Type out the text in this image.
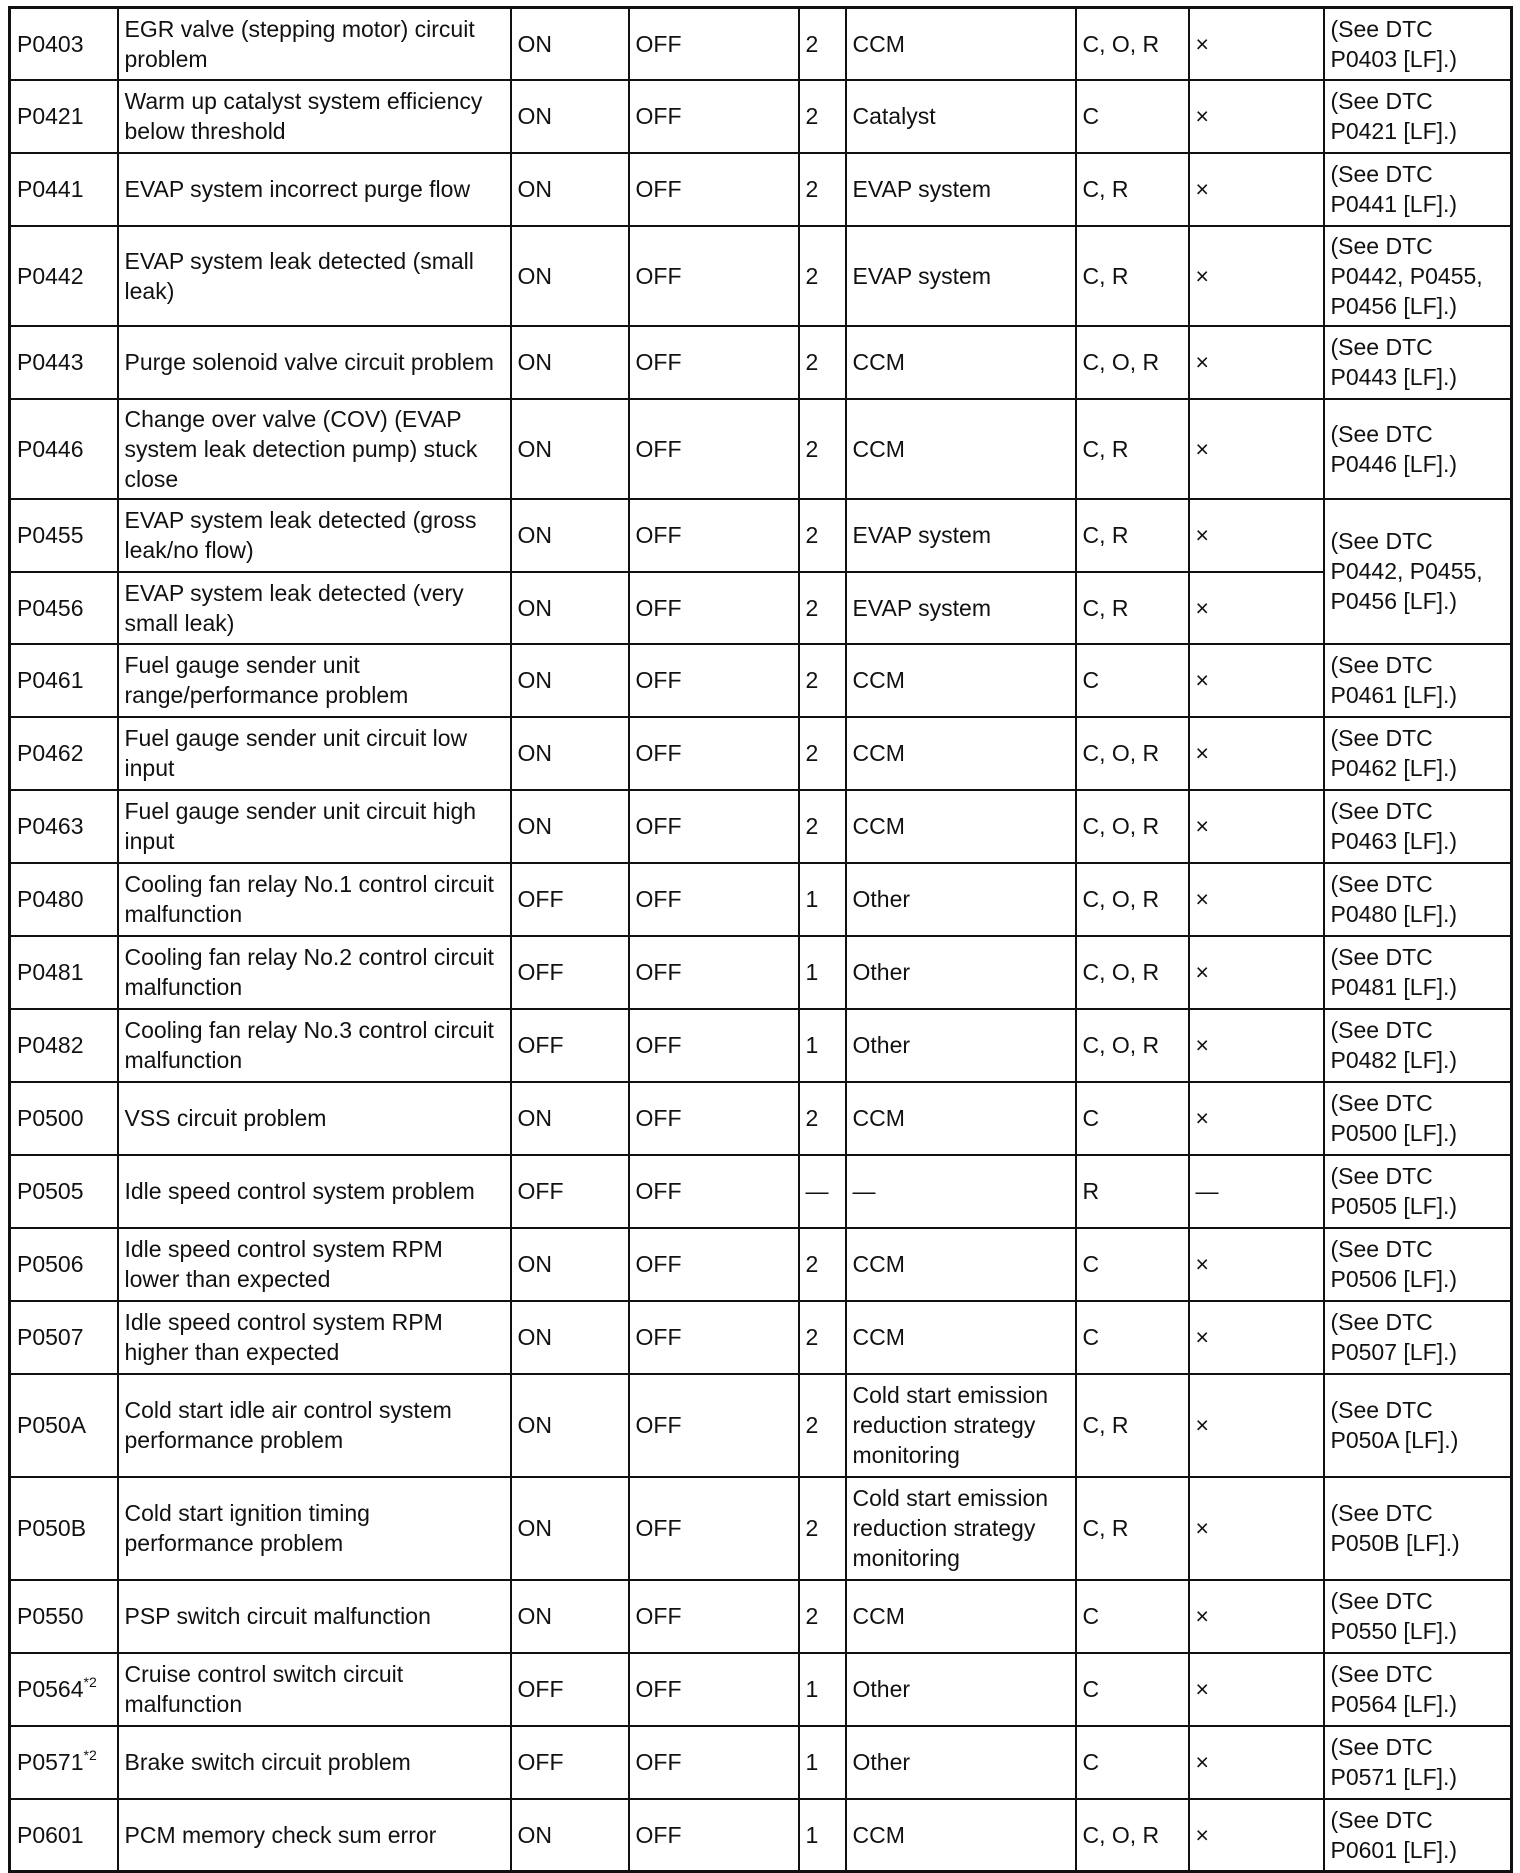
P0403	EGR valve (stepping motor) circuit problem	ON	OFF	2	CCM	C, O, R	×	(See DTC P0403 [LF].)
P0421	Warm up catalyst system efficiency below threshold	ON	OFF	2	Catalyst	C	×	(See DTC P0421 [LF].)
P0441	EVAP system incorrect purge flow	ON	OFF	2	EVAP system	C, R	×	(See DTC P0441 [LF].)
P0442	EVAP system leak detected (small leak)	ON	OFF	2	EVAP system	C, R	×	(See DTC P0442, P0455, P0456 [LF].)
P0443	Purge solenoid valve circuit problem	ON	OFF	2	CCM	C, O, R	×	(See DTC P0443 [LF].)
P0446	Change over valve (COV) (EVAP system leak detection pump) stuck close	ON	OFF	2	CCM	C, R	×	(See DTC P0446 [LF].)
P0455	EVAP system leak detected (gross leak/no flow)	ON	OFF	2	EVAP system	C, R	×	(See DTC P0442, P0455, P0456 [LF].)
P0456	EVAP system leak detected (very small leak)	ON	OFF	2	EVAP system	C, R	×	
P0461	Fuel gauge sender unit range/performance problem	ON	OFF	2	CCM	C	×	(See DTC P0461 [LF].)
P0462	Fuel gauge sender unit circuit low input	ON	OFF	2	CCM	C, O, R	×	(See DTC P0462 [LF].)
P0463	Fuel gauge sender unit circuit high input	ON	OFF	2	CCM	C, O, R	×	(See DTC P0463 [LF].)
P0480	Cooling fan relay No.1 control circuit malfunction	OFF	OFF	1	Other	C, O, R	×	(See DTC P0480 [LF].)
P0481	Cooling fan relay No.2 control circuit malfunction	OFF	OFF	1	Other	C, O, R	×	(See DTC P0481 [LF].)
P0482	Cooling fan relay No.3 control circuit malfunction	OFF	OFF	1	Other	C, O, R	×	(See DTC P0482 [LF].)
P0500	VSS circuit problem	ON	OFF	2	CCM	C	×	(See DTC P0500 [LF].)
P0505	Idle speed control system problem	OFF	OFF	—	—	R	—	(See DTC P0505 [LF].)
P0506	Idle speed control system RPM lower than expected	ON	OFF	2	CCM	C	×	(See DTC P0506 [LF].)
P0507	Idle speed control system RPM higher than expected	ON	OFF	2	CCM	C	×	(See DTC P0507 [LF].)
P050A	Cold start idle air control system performance problem	ON	OFF	2	Cold start emission reduction strategy monitoring	C, R	×	(See DTC P050A [LF].)
P050B	Cold start ignition timing performance problem	ON	OFF	2	Cold start emission reduction strategy monitoring	C, R	×	(See DTC P050B [LF].)
P0550	PSP switch circuit malfunction	ON	OFF	2	CCM	C	×	(See DTC P0550 [LF].)
P0564$^{*2}$	Cruise control switch circuit malfunction	OFF	OFF	1	Other	C	×	(See DTC P0564 [LF].)
P0571$^{*2}$	Brake switch circuit problem	OFF	OFF	1	Other	C	×	(See DTC P0571 [LF].)
P0601	PCM memory check sum error	ON	OFF	1	CCM	C, O, R	×	(See DTC P0601 [LF].)
